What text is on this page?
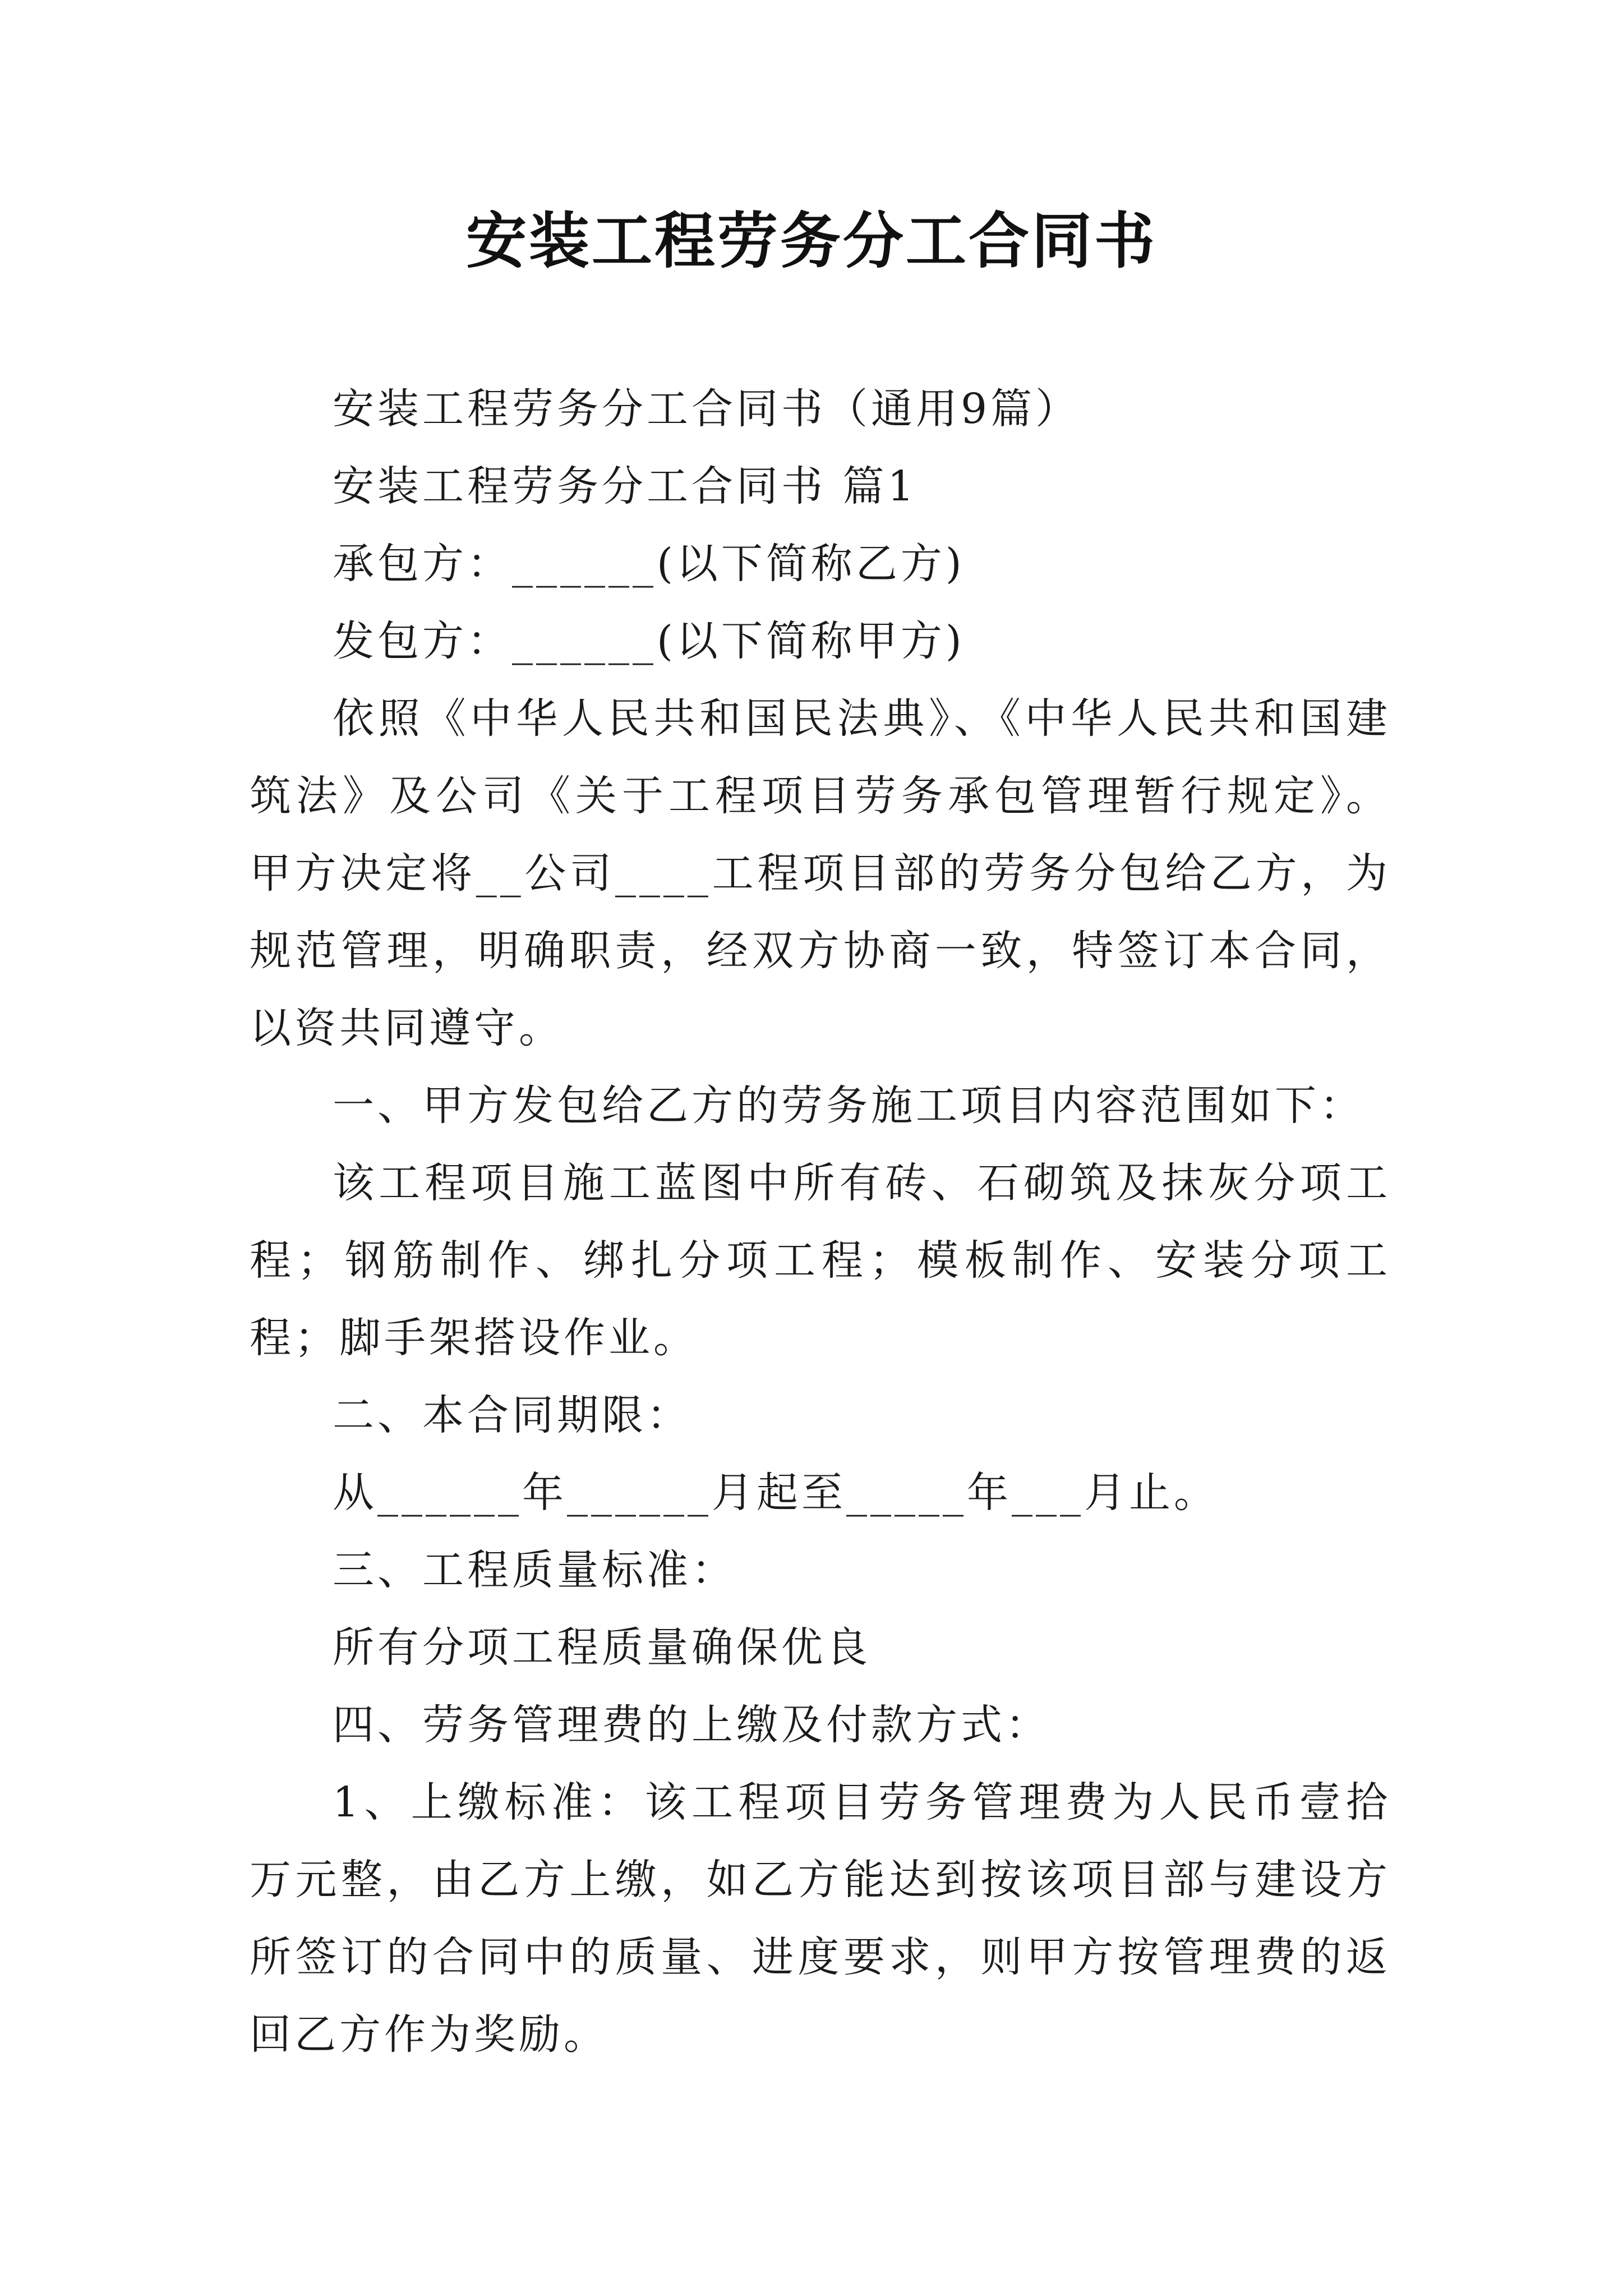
安装工程劳务分工合同书

安装工程劳务分工合同书（通用9篇）

安装工程劳务分工合同书 篇1

承包方：______(以下简称乙方)

发包方：______(以下简称甲方)

依照《中华人民共和国民法典》、《中华人民共和国建筑法》及公司《关于工程项目劳务承包管理暂行规定》。甲方决定将__公司____工程项目部的劳务分包给乙方，为规范管理，明确职责，经双方协商一致，特签订本合同，以资共同遵守。

一、甲方发包给乙方的劳务施工项目内容范围如下：

该工程项目施工蓝图中所有砖、石砌筑及抹灰分项工程；钢筋制作、绑扎分项工程；模板制作、安装分项工程；脚手架搭设作业。

二、本合同期限：

从______年______月起至_____年___月止。

三、工程质量标准：

所有分项工程质量确保优良

四、劳务管理费的上缴及付款方式：

1、上缴标准：该工程项目劳务管理费为人民币壹拾万元整，由乙方上缴，如乙方能达到按该项目部与建设方所签订的合同中的质量、进度要求，则甲方按管理费的返回乙方作为奖励。
